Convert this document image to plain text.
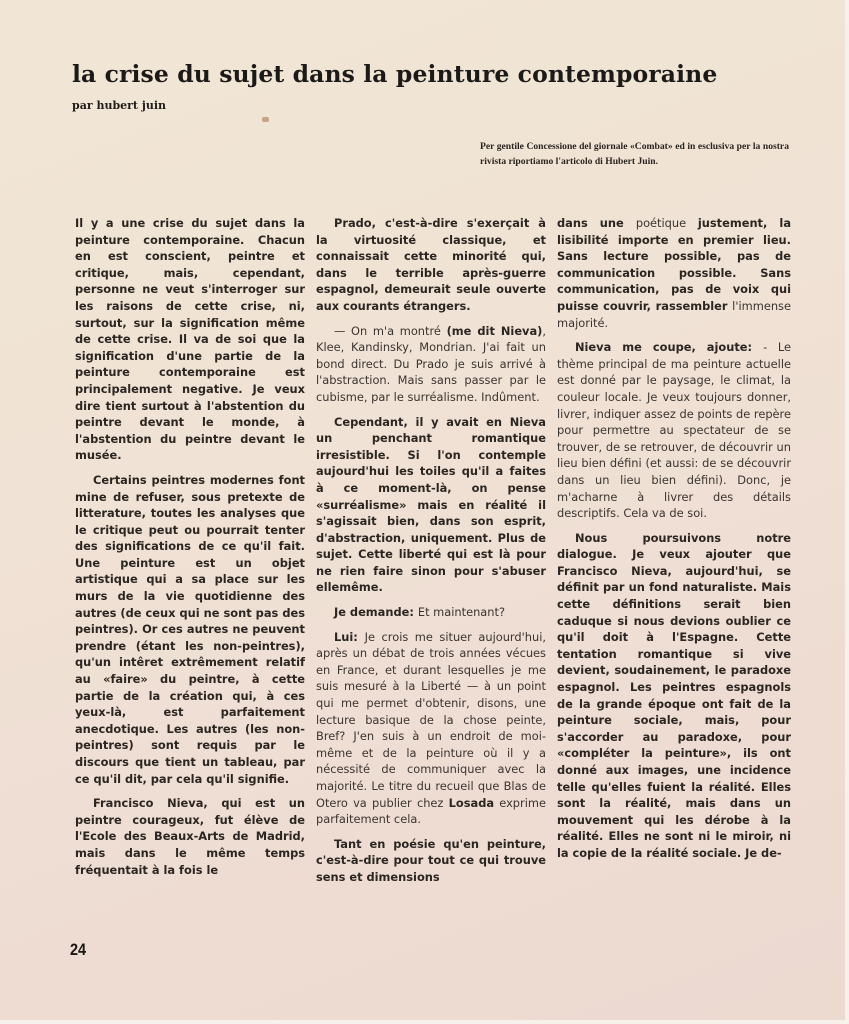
la crise du sujet dans la peinture contemporaine
par hubert juin
Per gentile Concessione del giornale «Combat» ed in esclusiva per la nostra rivista riportiamo l'articolo di Hubert Juin.

Il y a une crise du sujet dans la peinture contemporaine. Chacun en est conscient, peintre et critique, mais, cependant, personne ne veut s'interroger sur les raisons de cette crise, ni, surtout, sur la signification même de cette crise. Il va de soi que la signification d'une partie de la peinture contemporaine est principalement negative. Je veux dire tient surtout à l'abstention du peintre devant le monde, à l'abstention du peintre devant le musée.

Certains peintres modernes font mine de refuser, sous pretexte de litterature, toutes les analyses que le critique peut ou pourrait tenter des significations de ce qu'il fait. Une peinture est un objet artistique qui a sa place sur les murs de la vie quotidienne des autres (de ceux qui ne sont pas des peintres). Or ces autres ne peuvent prendre (étant les non-peintres), qu'un intêret extrêmement relatif au «faire» du peintre, à cette partie de la création qui, à ces yeux-là, est parfaitement anecdotique. Les autres (les non-peintres) sont requis par le discours que tient un tableau, par ce qu'il dit, par cela qu'il signifie.

Francisco Nieva, qui est un peintre courageux, fut élève de l'Ecole des Beaux-Arts de Madrid, mais dans le même temps fréquentait à la fois le

Prado, c'est-à-dire s'exerçait à la virtuosité classique, et connaissait cette minorité qui, dans le terrible après-guerre espagnol, demeurait seule ouverte aux courants étrangers.

— On m'a montré (me dit Nieva), Klee, Kandinsky, Mondrian. J'ai fait un bond direct. Du Prado je suis arrivé à l'abstraction. Mais sans passer par le cubisme, par le surréalisme. Indûment.

Cependant, il y avait en Nieva un penchant romantique irresistible. Si l'on contemple aujourd'hui les toiles qu'il a faites à ce moment-là, on pense «surréalisme» mais en réalité il s'agissait bien, dans son esprit, d'abstraction, uniquement. Plus de sujet. Cette liberté qui est là pour ne rien faire sinon pour s'abuser ellemême.

Je demande: Et maintenant?

Lui: Je crois me situer aujourd'hui, après un débat de trois années vécues en France, et durant lesquelles je me suis mesuré à la Liberté — à un point qui me permet d'obtenir, disons, une lecture basique de la chose peinte, Bref? J'en suis à un endroit de moi-même et de la peinture où il y a nécessité de communiquer avec la majorité. Le titre du recueil que Blas de Otero va publier chez Losada exprime parfaitement cela.

Tant en poésie qu'en peinture, c'est-à-dire pour tout ce qui trouve sens et dimensions

dans une poétique justement, la lisibilité importe en premier lieu. Sans lecture possible, pas de communication possible. Sans communication, pas de voix qui puisse couvrir, rassembler l'immense majorité.

Nieva me coupe, ajoute: - Le thème principal de ma peinture actuelle est donné par le paysage, le climat, la couleur locale. Je veux toujours donner, livrer, indiquer assez de points de repère pour permettre au spectateur de se trouver, de se retrouver, de découvrir un lieu bien défini (et aussi: de se découvrir dans un lieu bien défini). Donc, je m'acharne à livrer des détails descriptifs. Cela va de soi.

Nous poursuivons notre dialogue. Je veux ajouter que Francisco Nieva, aujourd'hui, se définit par un fond naturaliste. Mais cette définitions serait bien caduque si nous devions oublier ce qu'il doit à l'Espagne. Cette tentation romantique si vive devient, soudainement, le paradoxe espagnol. Les peintres espagnols de la grande époque ont fait de la peinture sociale, mais, pour s'accorder au paradoxe, pour «compléter la peinture», ils ont donné aux images, une incidence telle qu'elles fuient la réalité. Elles sont la réalité, mais dans un mouvement qui les dérobe à la réalité. Elles ne sont ni le miroir, ni la copie de la réalité sociale. Je de-

24
